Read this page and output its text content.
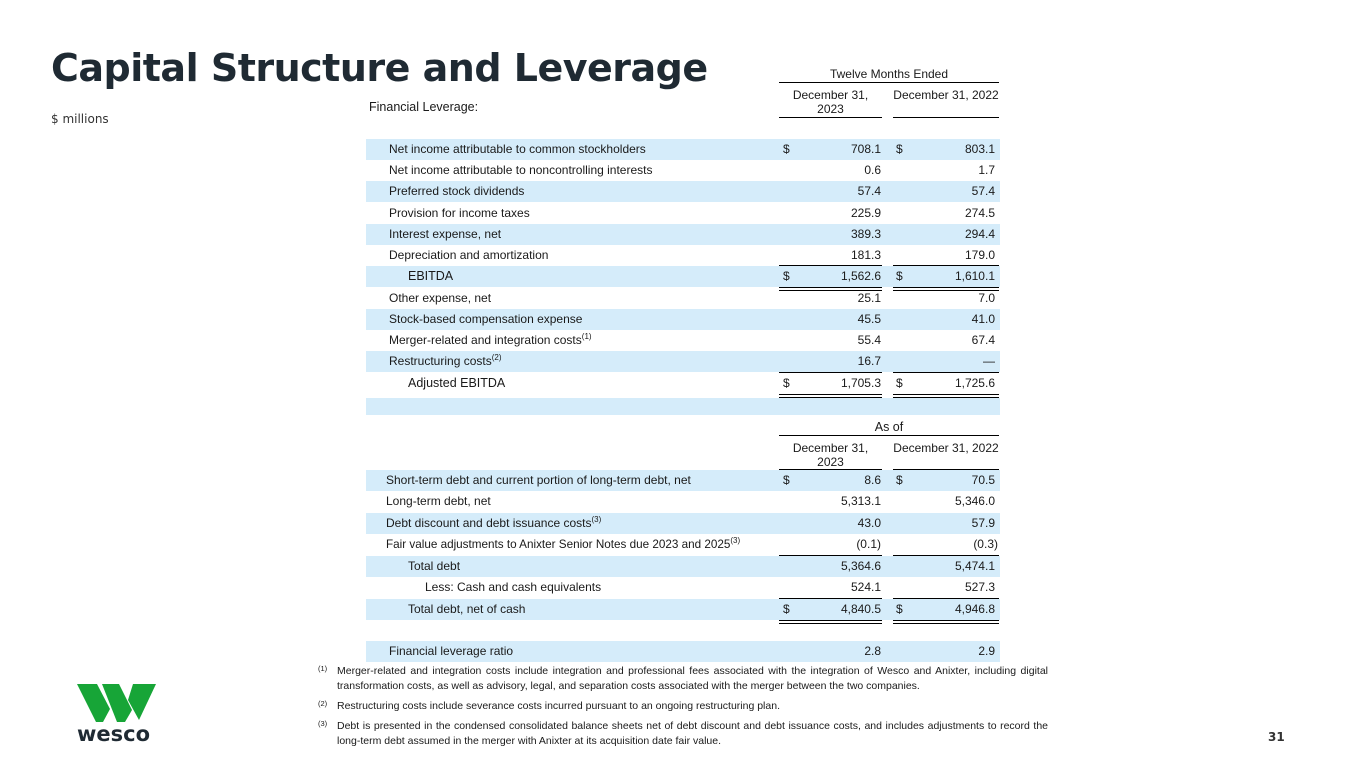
Capital Structure and Leverage
$ millions
Twelve Months Ended
Financial Leverage:
December 31, 2023
December 31, 2022
Net income attributable to common stockholders	$	708.1 $	803.1
Net income attributable to noncontrolling interests	0.6	1.7
Preferred stock dividends	57.4	57.4
Provision for income taxes	225.9	274.5
Interest expense, net	389.3	294.4
Depreciation and amortization	181.3	179.0
EBITDA	$	1,562.6 $	1,610.1
Other expense, net	25.1	7.0
Stock-based compensation expense	45.5	41.0
Merger-related and integration costs$^{(1)}$	55.4	67.4
Restructuring costs$^{(2)}$	16.7	—
Adjusted EBITDA	$	1,705.3 $	1,725.6
As of
December 31, 2023
December 31, 2022
Short-term debt and current portion of long-term debt, net	$	8.6 $	70.5
Long-term debt, net	5,313.1	5,346.0
Debt discount and debt issuance costs$^{(3)}$	43.0	57.9
Fair value adjustments to Anixter Senior Notes due 2023 and 2025$^{(3)}$	(0.1)	(0.3)
Total debt	5,364.6	5,474.1
Less: Cash and cash equivalents	524.1	527.3
Total debt, net of cash	$	4,840.5 $	4,946.8
Financial leverage ratio	2.8	2.9
(1) Merger-related and integration costs include integration and professional fees associated with the integration of Wesco and Anixter, including digital transformation costs, as well as advisory, legal, and separation costs associated with the merger between the two companies.
(2) Restructuring costs include severance costs incurred pursuant to an ongoing restructuring plan.
(3) Debt is presented in the condensed consolidated balance sheets net of debt discount and debt issuance costs, and includes adjustments to record the long-term debt assumed in the merger with Anixter at its acquisition date fair value.
wesco	31
